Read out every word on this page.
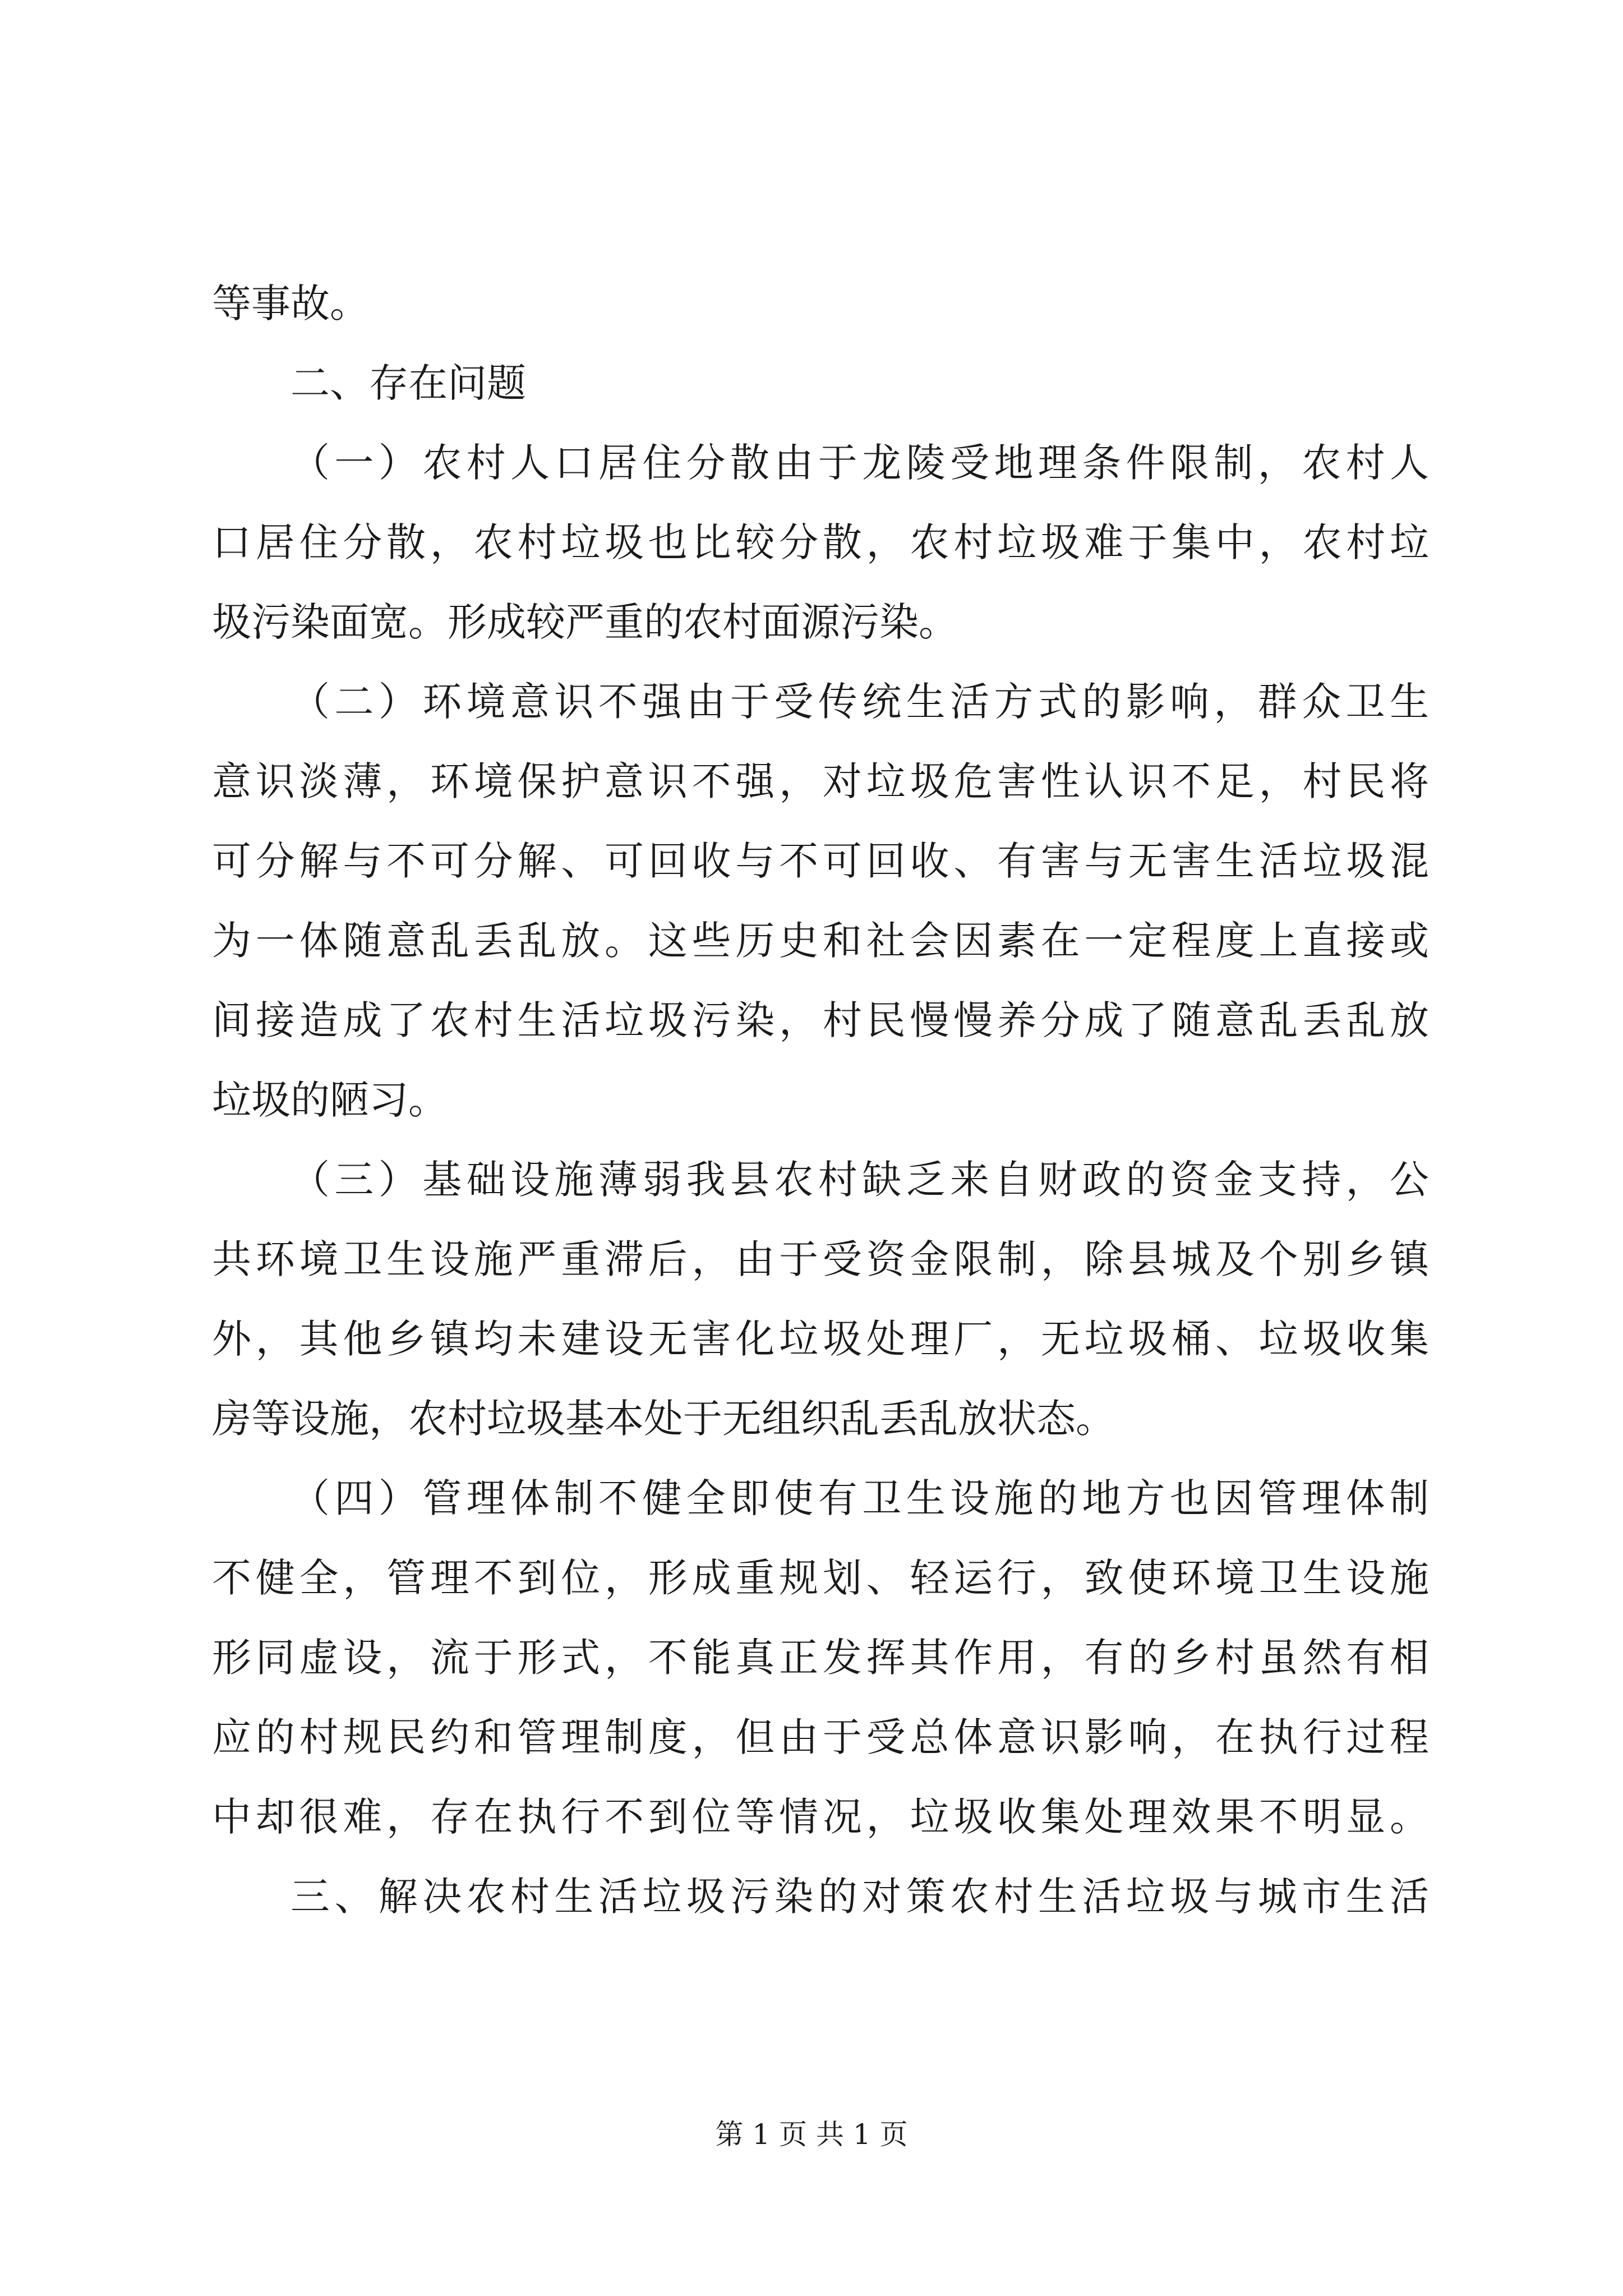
等事故。
二、存在问题
（一）农村人口居住分散由于龙陵受地理条件限制，农村人
口居住分散，农村垃圾也比较分散，农村垃圾难于集中，农村垃
圾污染面宽。形成较严重的农村面源污染。
（二）环境意识不强由于受传统生活方式的影响，群众卫生
意识淡薄，环境保护意识不强，对垃圾危害性认识不足，村民将
可分解与不可分解、可回收与不可回收、有害与无害生活垃圾混
为一体随意乱丢乱放。这些历史和社会因素在一定程度上直接或
间接造成了农村生活垃圾污染，村民慢慢养分成了随意乱丢乱放
垃圾的陋习。
（三）基础设施薄弱我县农村缺乏来自财政的资金支持，公
共环境卫生设施严重滞后，由于受资金限制，除县城及个别乡镇
外，其他乡镇均未建设无害化垃圾处理厂，无垃圾桶、垃圾收集
房等设施，农村垃圾基本处于无组织乱丢乱放状态。
（四）管理体制不健全即使有卫生设施的地方也因管理体制
不健全，管理不到位，形成重规划、轻运行，致使环境卫生设施
形同虚设，流于形式，不能真正发挥其作用，有的乡村虽然有相
应的村规民约和管理制度，但由于受总体意识影响，在执行过程
中却很难，存在执行不到位等情况，垃圾收集处理效果不明显。
三、解决农村生活垃圾污染的对策农村生活垃圾与城市生活
第 1 页 共 1 页
